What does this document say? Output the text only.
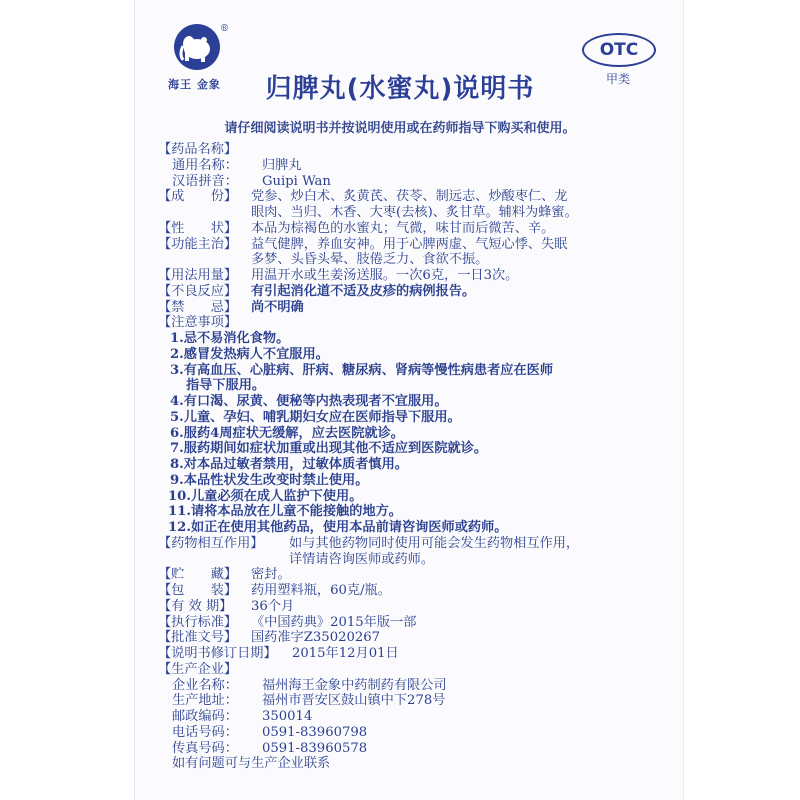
®
海王 金象
OTC
甲类
归脾丸(水蜜丸)说明书
请仔细阅读说明书并按说明使用或在药师指导下购买和使用。
【药品名称】
通用名称： 归脾丸
汉语拼音： Guipi Wan
【成　　份】 党参、炒白术、炙黄芪、茯苓、制远志、炒酸枣仁、龙
眼肉、当归、木香、大枣(去核)、炙甘草。辅料为蜂蜜。
【性　　状】 本品为棕褐色的水蜜丸；气微，味甘而后微苦、辛。
【功能主治】 益气健脾，养血安神。用于心脾两虚、气短心悸、失眠
多梦、头昏头晕、肢倦乏力、食欲不振。
【用法用量】 用温开水或生姜汤送服。一次6克，一日3次。
【不良反应】 有引起消化道不适及皮疹的病例报告。
【禁　　忌】 尚不明确
【注意事项】
1.忌不易消化食物。
2.感冒发热病人不宜服用。
3.有高血压、心脏病、肝病、糖尿病、肾病等慢性病患者应在医师
指导下服用。
4.有口渴、尿黄、便秘等内热表现者不宜服用。
5.儿童、孕妇、哺乳期妇女应在医师指导下服用。
6.服药4周症状无缓解，应去医院就诊。
7.服药期间如症状加重或出现其他不适应到医院就诊。
8.对本品过敏者禁用，过敏体质者慎用。
9.本品性状发生改变时禁止使用。
10.儿童必须在成人监护下使用。
11.请将本品放在儿童不能接触的地方。
12.如正在使用其他药品，使用本品前请咨询医师或药师。
【药物相互作用】 如与其他药物同时使用可能会发生药物相互作用，
详情请咨询医师或药师。
【贮　　藏】 密封。
【包　　装】 药用塑料瓶，60克/瓶。
【有 效 期】 36个月
【执行标准】 《中国药典》2015年版一部
【批准文号】 国药准字Z35020267
【说明书修订日期】 2015年12月01日
【生产企业】
企业名称： 福州海王金象中药制药有限公司
生产地址： 福州市晋安区鼓山镇中下278号
邮政编码： 350014
电话号码： 0591-83960798
传真号码： 0591-83960578
如有问题可与生产企业联系
